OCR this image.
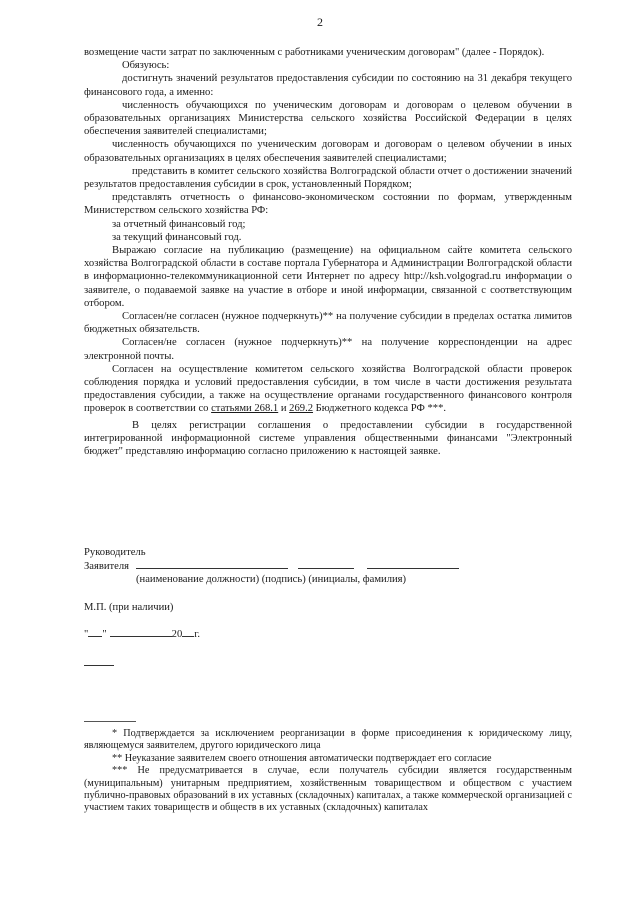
2

возмещение части затрат по заключенным с работниками ученическим договорам" (далее - Порядок).

Обязуюсь:

достигнуть значений результатов предоставления субсидии по состоянию на 31 декабря текущего финансового года, а именно:

численность обучающихся по ученическим договорам и договорам о целевом обучении в образовательных организациях Министерства сельского хозяйства Российской Федерации в целях обеспечения заявителей специалистами;

численность обучающихся по ученическим договорам и договорам о целевом обучении в иных образовательных организациях в целях обеспечения заявителей специалистами;

представить в комитет сельского хозяйства Волгоградской области отчет о достижении значений результатов предоставления субсидии в срок, установленный Порядком;

представлять отчетность о финансово-экономическом состоянии по формам, утвержденным Министерством сельского хозяйства РФ:

за отчетный финансовый год;

за текущий финансовый год.

Выражаю согласие на публикацию (размещение) на официальном сайте комитета сельского хозяйства Волгоградской области в составе портала Губернатора и Администрации Волгоградской области в информационно-телекоммуникационной сети Интернет по адресу http://ksh.volgograd.ru информации о заявителе, о подаваемой заявке на участие в отборе и иной информации, связанной с соответствующим отбором.

Согласен/не согласен (нужное подчеркнуть)** на получение субсидии в пределах остатка лимитов бюджетных обязательств.

Согласен/не согласен (нужное подчеркнуть)** на получение корреспонденции на адрес электронной почты.

Согласен на осуществление комитетом сельского хозяйства Волгоградской области проверок соблюдения порядка и условий предоставления субсидии, в том числе в части достижения результата предоставления субсидии, а также на осуществление органами государственного финансового контроля проверок в соответствии со статьями 268.1 и 269.2 Бюджетного кодекса РФ ***.

В целях регистрации соглашения о предоставлении субсидии в государственной интегрированной информационной системе управления общественными финансами "Электронный бюджет" представляю информацию согласно приложению к настоящей заявке.

Руководитель
Заявителя
(наименование должности) (подпись) (инициалы, фамилия)
М.П. (при наличии)
" "	20 г.

* Подтверждается за исключением реорганизации в форме присоединения к юридическому лицу, являющемуся заявителем, другого юридического лица

** Неуказание заявителем своего отношения автоматически подтверждает его согласие

*** Не предусматривается в случае, если получатель субсидии является государственным (муниципальным) унитарным предприятием, хозяйственным товариществом и обществом с участием публично-правовых образований в их уставных (складочных) капиталах, а также коммерческой организацией с участием таких товариществ и обществ в их уставных (складочных) капиталах
